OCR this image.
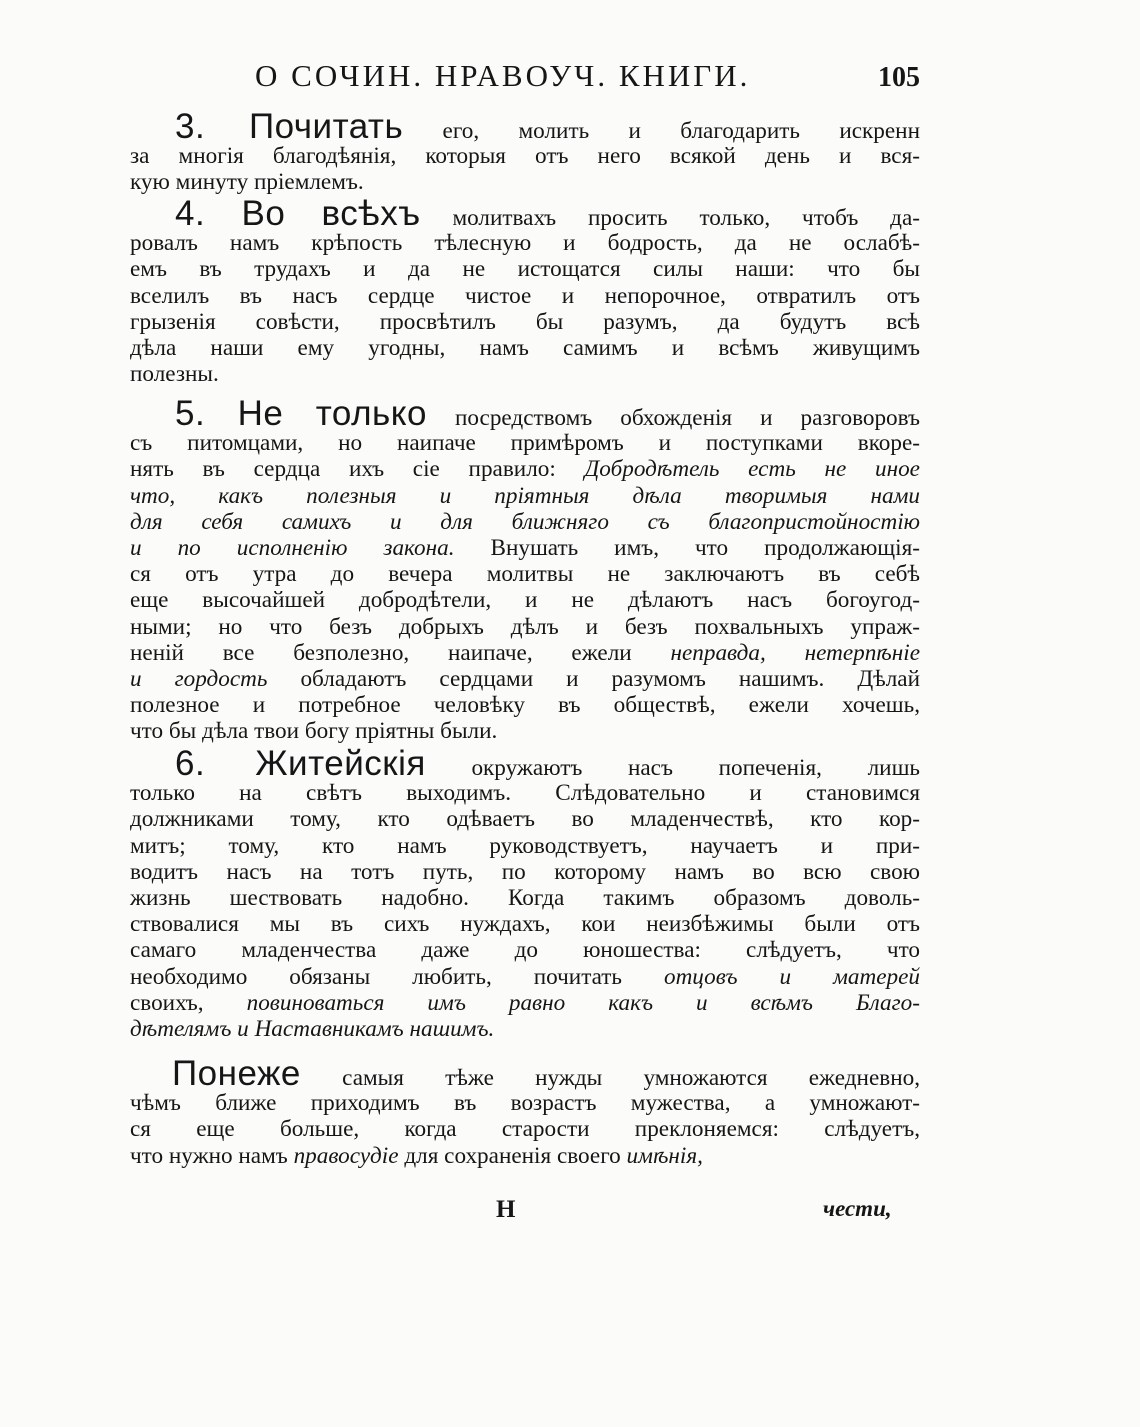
О СОЧИН. НРАВОУЧ. КНИГИ.	105
3. Почитать его, молить и благодарить искренн
за многiя благодѣянiя, которыя отъ него всякой день и вся-
кую минуту прiемлемъ.
4. Во всѣхъ молитвахъ просить только, чтобъ да-
ровалъ намъ крѣпость тѣлесную и бодрость, да не ослабѣ-
емъ въ трудахъ и да не истощатся силы наши: что бы
вселилъ въ насъ сердце чистое и непорочное, отвратилъ отъ
грызенiя совѣсти, просвѣтилъ бы разумъ, да будутъ всѣ
дѣла наши ему угодны, намъ самимъ и всѣмъ живущимъ
полезны.
5. Не только посредствомъ обхожденiя и разговоровъ
съ питомцами, но наипаче примѣромъ и поступками вкоре-
нять въ сердца ихъ сiе правило: Добродѣтель есть не иное
что, какъ полезныя и прiятныя дѣла творимыя нами
для себя самихъ и для ближняго съ благопристойностiю
и по исполненiю закона. Внушать имъ, что продолжающiя-
ся отъ утра до вечера молитвы не заключаютъ въ себѣ
еще высочайшей добродѣтели, и не дѣлаютъ насъ богоугод-
ными; но что безъ добрыхъ дѣлъ и безъ похвальныхъ упраж-
ненiй все безполезно, наипаче, ежели неправда, нетерпѣнiе
и гордость обладаютъ сердцами и разумомъ нашимъ. Дѣлай
полезное и потребное человѣку въ обществѣ, ежели хочешь,
что бы дѣла твои богу прiятны были.
6. Житейскiя окружаютъ насъ попеченiя, лишь
только на свѣтъ выходимъ. Слѣдовательно и становимся
должниками тому, кто одѣваетъ во младенчествѣ, кто кор-
митъ; тому, кто намъ руководствуетъ, научаетъ и при-
водитъ насъ на тотъ путь, по которому намъ во всю свою
жизнь шествовать надобно. Когда такимъ образомъ доволь-
ствовалися мы въ сихъ нуждахъ, кои неизбѣжимы были отъ
самаго младенчества даже до юношества: слѣдуетъ, что
необходимо обязаны любить, почитать отцовъ и матерей
своихъ, повиноваться имъ равно какъ и всѣмъ Благо-
дѣтелямъ и Наставникамъ нашимъ.
Понеже самыя тѣже нужды умножаются ежедневно,
чѣмъ ближе приходимъ въ возрастъ мужества, а умножают-
ся еще больше, когда старости преклоняемся: слѣдуетъ,
что нужно намъ правосудiе для сохраненiя своего имѣнiя,
Н	чести,
